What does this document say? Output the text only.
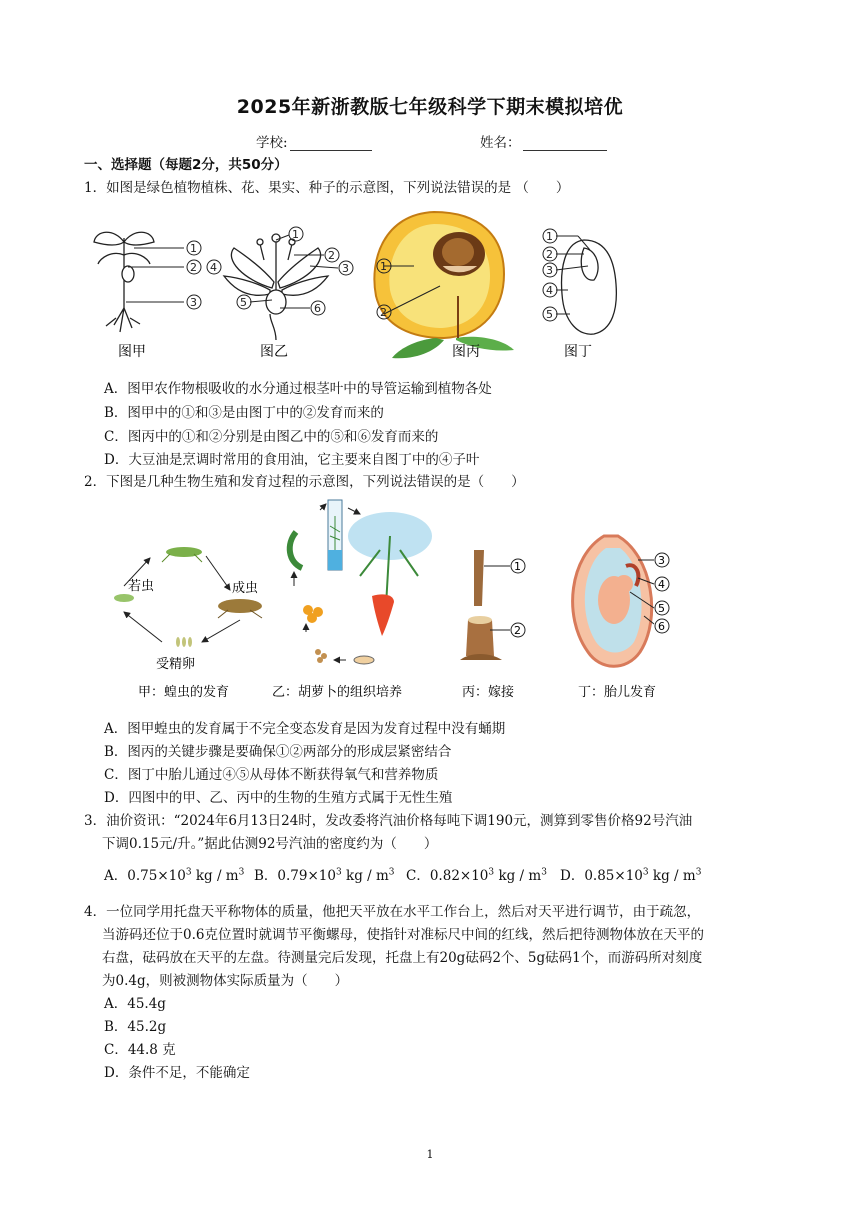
2025年新浙教版七年级科学下期末模拟培优
学校:	姓名：
一、选择题（每题2分，共50分）
1．如图是绿色植物植株、花、果实、种子的示意图，下列说法错误的是 （　　）
1
2 4
3
图甲
1
2
3
5	6
图乙
1
2
图丙
1
2
3
4
5
图丁
A．图甲农作物根吸收的水分通过根茎叶中的导管运输到植物各处
B．图甲中的①和③是由图丁中的②发育而来的
C．图丙中的①和②分别是由图乙中的⑤和⑥发育而来的
D．大豆油是烹调时常用的食用油，它主要来自图丁中的④子叶
2．下图是几种生物生殖和发育过程的示意图，下列说法错误的是（　　）
若虫	成虫
受精卵
甲：蝗虫的发育	乙：胡萝卜的组织培养
1
2
丙：嫁接
3
4
5
6
丁：胎儿发育
A．图甲蝗虫的发育属于不完全变态发育是因为发育过程中没有蛹期
B．图丙的关键步骤是要确保①②两部分的形成层紧密结合
C．图丁中胎儿通过④⑤从母体不断获得氧气和营养物质
D．四图中的甲、乙、丙中的生物的生殖方式属于无性生殖
3．油价资讯：“2024年6月13日24时，发改委将汽油价格每吨下调190元，测算到零售价格92号汽油
下调0.15元/升。”据此估测92号汽油的密度约为（　　）
A．$0.75\times 10^3$ kg / $m^3$ B．$0.79\times 10^3$ kg / $m^3$ C．$0.82\times 10^3$ kg / $m^3$ D．$0.85\times 10^3$ kg / $m^3$
4．一位同学用托盘天平称物体的质量，他把天平放在水平工作台上，然后对天平进行调节，由于疏忽，
当游码还位于0.6克位置时就调节平衡螺母，使指针对准标尺中间的红线，然后把待测物体放在天平的
右盘，砝码放在天平的左盘。待测量完后发现，托盘上有20g砝码2个、5g砝码1个，而游码所对刻度
为0.4g，则被测物体实际质量为（　　）
A．45.4g
B．45.2g
C．44.8 克
D．条件不足，不能确定
1
